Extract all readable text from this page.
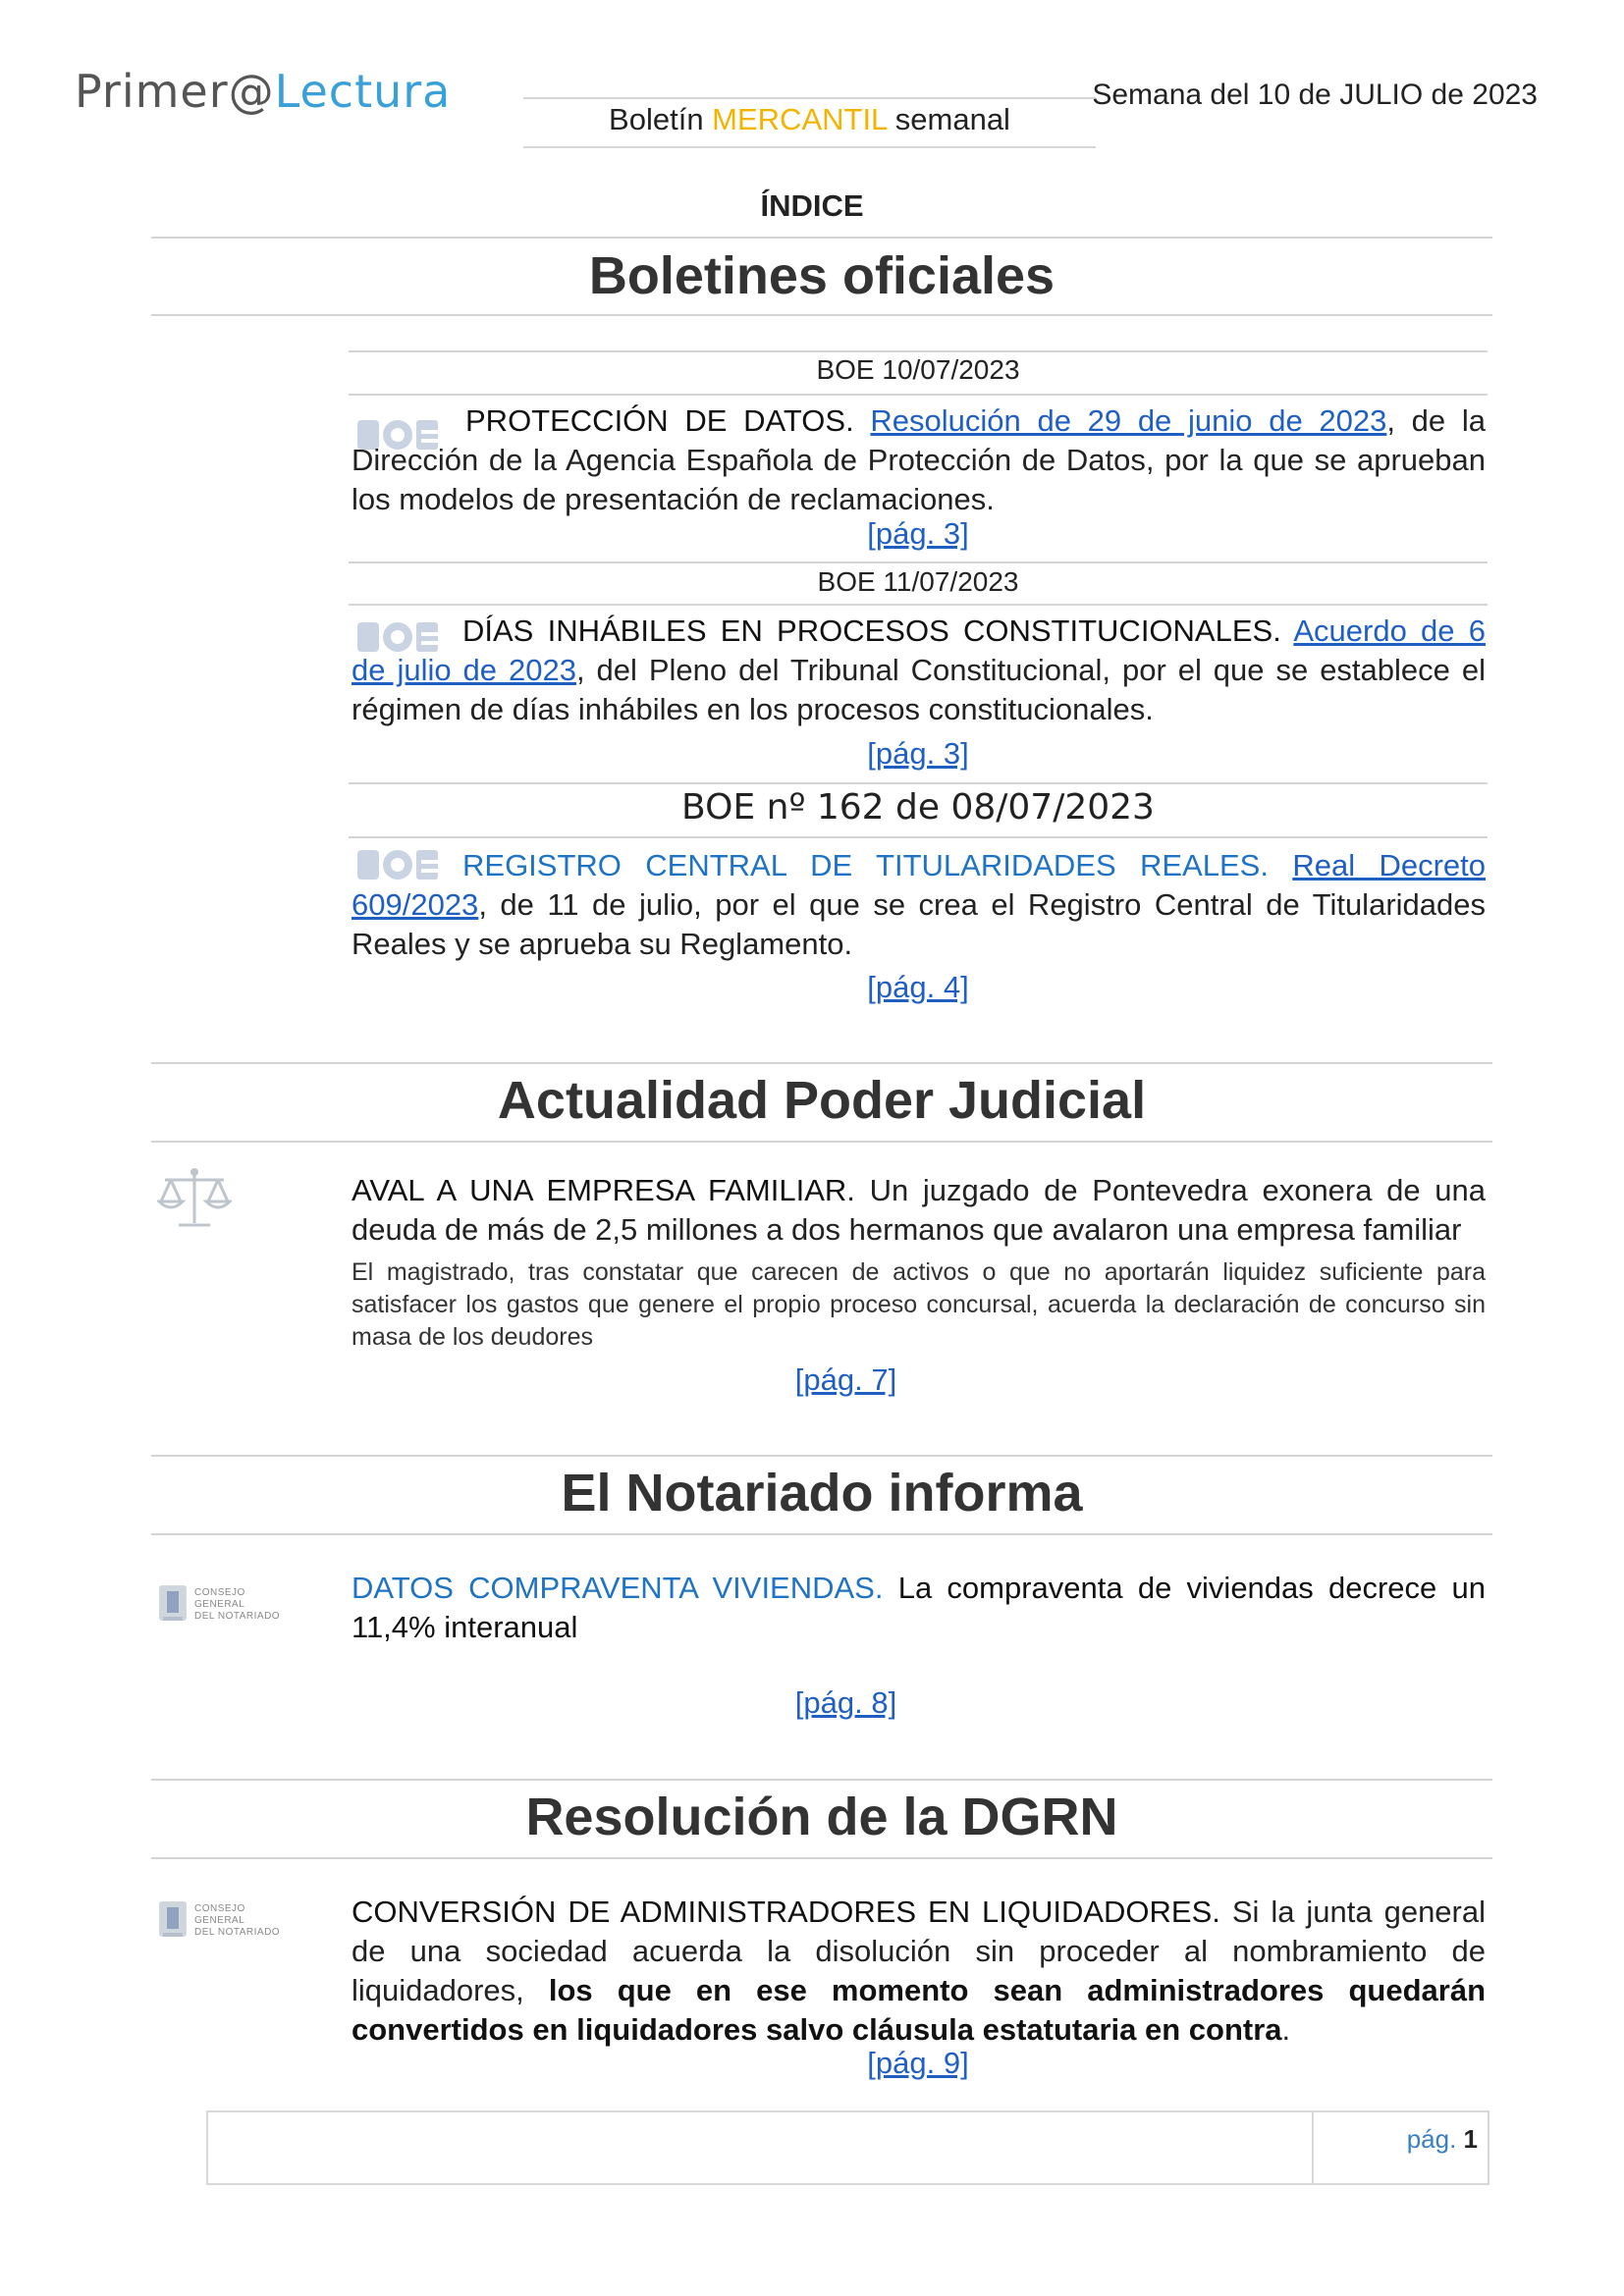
Primer@Lectura
Boletín MERCANTIL semanal
Semana del 10 de JULIO de 2023
ÍNDICE
Boletines oficiales
BOE 10/07/2023
PROTECCIÓN DE DATOS. Resolución de 29 de junio de 2023, de la Dirección de la Agencia Española de Protección de Datos, por la que se aprueban los modelos de presentación de reclamaciones.
[pág. 3]
BOE 11/07/2023
DÍAS INHÁBILES EN PROCESOS CONSTITUCIONALES. Acuerdo de 6 de julio de 2023, del Pleno del Tribunal Constitucional, por el que se establece el régimen de días inhábiles en los procesos constitucionales.
[pág. 3]
BOE nº 162 de 08/07/2023
REGISTRO CENTRAL DE TITULARIDADES REALES. Real Decreto 609/2023, de 11 de julio, por el que se crea el Registro Central de Titularidades Reales y se aprueba su Reglamento.
[pág. 4]
Actualidad Poder Judicial
AVAL A UNA EMPRESA FAMILIAR. Un juzgado de Pontevedra exonera de una deuda de más de 2,5 millones a dos hermanos que avalaron una empresa familiar
El magistrado, tras constatar que carecen de activos o que no aportarán liquidez suficiente para satisfacer los gastos que genere el propio proceso concursal, acuerda la declaración de concurso sin masa de los deudores
[pág. 7]
El Notariado informa
CONSEJO GENERAL
DEL NOTARIADO
DATOS COMPRAVENTA VIVIENDAS. La compraventa de viviendas decrece un 11,4% interanual
[pág. 8]
Resolución de la DGRN
CONSEJO GENERAL
DEL NOTARIADO
CONVERSIÓN DE ADMINISTRADORES EN LIQUIDADORES. Si la junta general de una sociedad acuerda la disolución sin proceder al nombramiento de liquidadores, los que en ese momento sean administradores quedarán convertidos en liquidadores salvo cláusula estatutaria en contra.
[pág. 9]
pág. 1
